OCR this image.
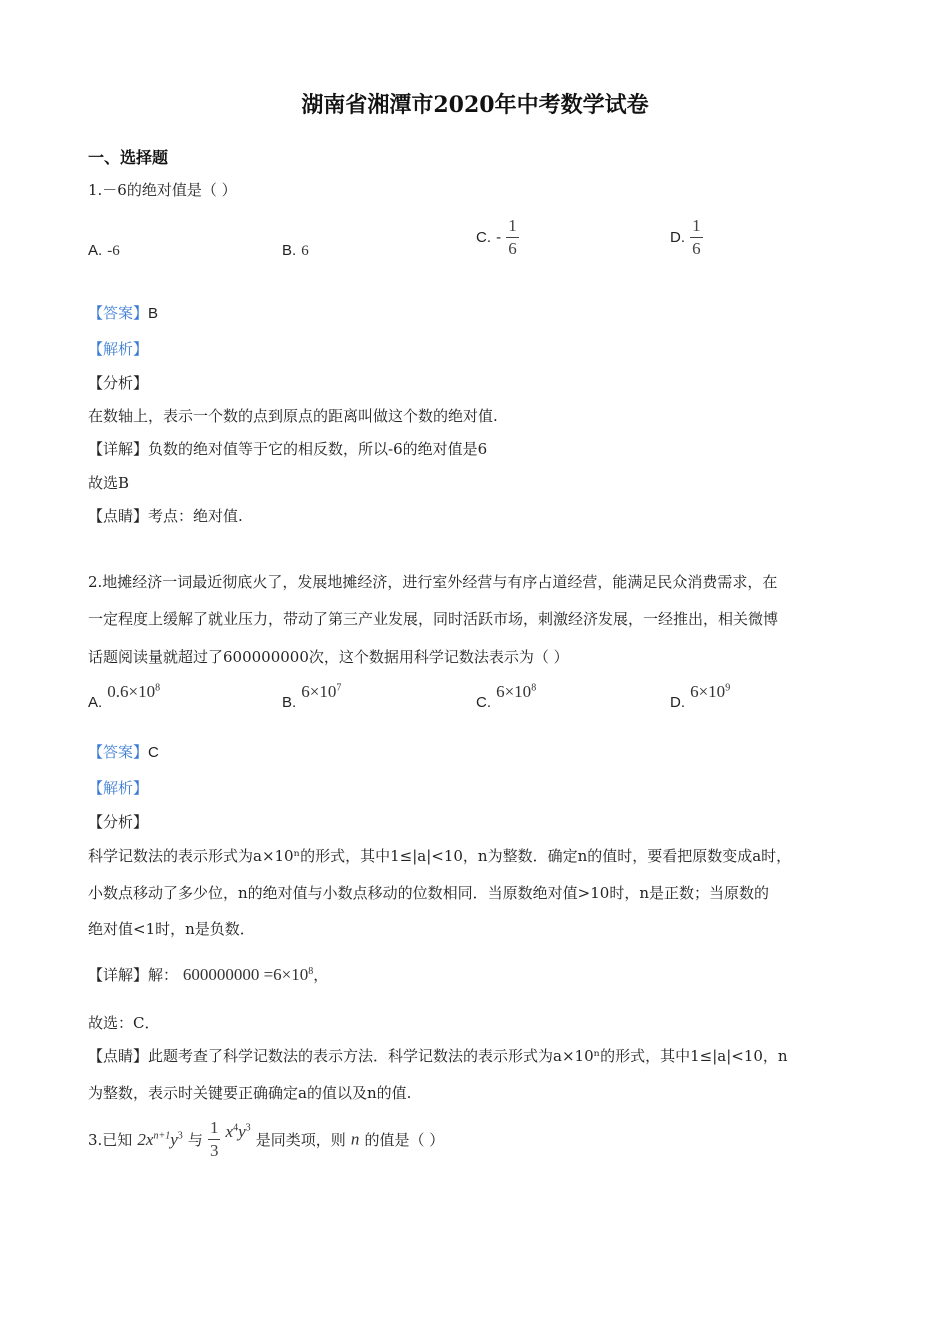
湖南省湘潭市2020年中考数学试卷
一、选择题
1.－6的绝对值是（ ）
A. -6	B. 6
C. - $\frac{1}{6}$	D. $\frac{1}{6}$
【答案】B
【解析】
【分析】
在数轴上，表示一个数的点到原点的距离叫做这个数的绝对值.
【详解】负数的绝对值等于它的相反数，所以-6的绝对值是6
故选B
【点睛】考点：绝对值.
2.地摊经济一词最近彻底火了，发展地摊经济，进行室外经营与有序占道经营，能满足民众消费需求，在
一定程度上缓解了就业压力，带动了第三产业发展，同时活跃市场，刺激经济发展，一经推出，相关微博
话题阅读量就超过了600000000次，这个数据用科学记数法表示为（ ）
A. $0.6\times 10^8$
B. $6\times 10^7$
C. $6\times 10^8$
D. $6\times 10^9$
【答案】C
【解析】
【分析】
科学记数法的表示形式为a×10ⁿ的形式，其中1≤|a|<10，n为整数．确定n的值时，要看把原数变成a时，
小数点移动了多少位，n的绝对值与小数点移动的位数相同．当原数绝对值>10时，n是正数；当原数的
绝对值<1时，n是负数．
【详解】解： $600000000 =6\times 10^8$，
故选：C．
【点睛】此题考查了科学记数法的表示方法．科学记数法的表示形式为a×10ⁿ的形式，其中1≤|a|<10，n
为整数，表示时关键要正确确定a的值以及n的值.
3.已知 $2x^{n+1}y^3$ 与 $\frac{1}{3} x^4y^3$ 是同类项，则 n 的值是（ ）
